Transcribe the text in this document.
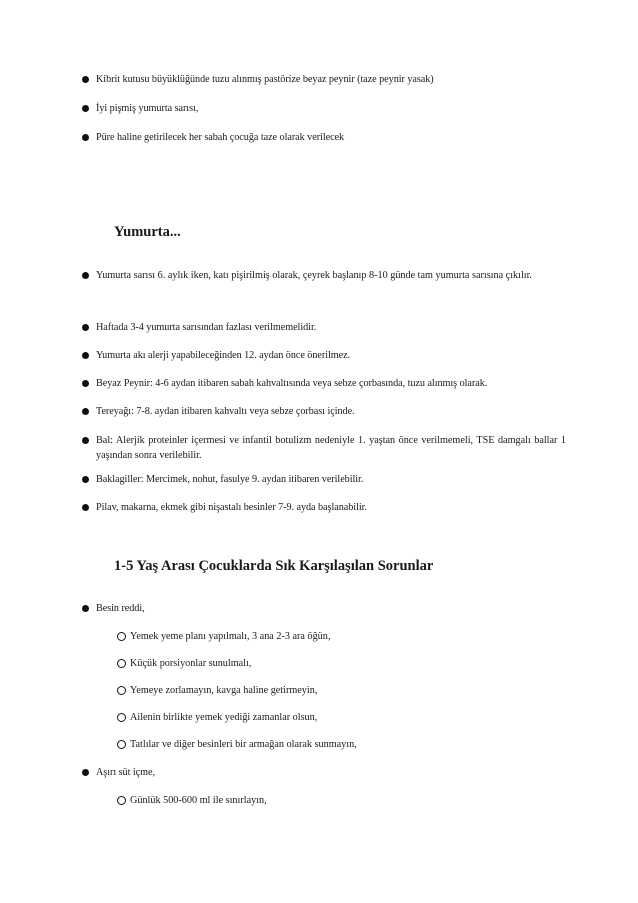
Kibrit kutusu büyüklüğünde tuzu alınmış pastörize beyaz peynir (taze peynir yasak)
İyi pişmiş yumurta sarısı,
Püre haline getirilecek her sabah çocuğa taze olarak verilecek
Yumurta...
Yumurta sarısı 6. aylık iken, katı pişirilmiş olarak, çeyrek başlanıp 8-10 günde tam yumurta sarısına çıkılır.
Haftada 3-4 yumurta sarısından fazlası verilmemelidir.
Yumurta akı alerji yapabileceğinden 12. aydan önce önerilmez.
Beyaz Peynir: 4-6 aydan itibaren sabah kahvaltısında veya sebze çorbasında, tuzu alınmış olarak.
Tereyağı: 7-8. aydan itibaren kahvaltı veya sebze çorbası içinde.
Bal: Alerjik proteinler içermesi ve infantil botulizm nedeniyle 1. yaştan önce verilmemeli, TSE damgalı ballar 1 yaşından sonra verilebilir.
Baklagiller: Mercimek, nohut, fasulye 9. aydan itibaren verilebilir.
Pilav, makarna, ekmek gibi nişastalı besinler 7-9. ayda başlanabilir.
1-5 Yaş Arası Çocuklarda Sık Karşılaşılan Sorunlar
Besin reddi,
Yemek yeme planı yapılmalı, 3 ana 2-3 ara öğün,
Küçük porsiyonlar sunulmalı,
Yemeye zorlamayın, kavga haline getirmeyin,
Ailenin birlikte yemek yediği zamanlar olsun,
Tatlılar ve diğer besinleri bir armağan olarak sunmayın,
Aşırı süt içme,
Günlük 500-600 ml ile sınırlayın,
